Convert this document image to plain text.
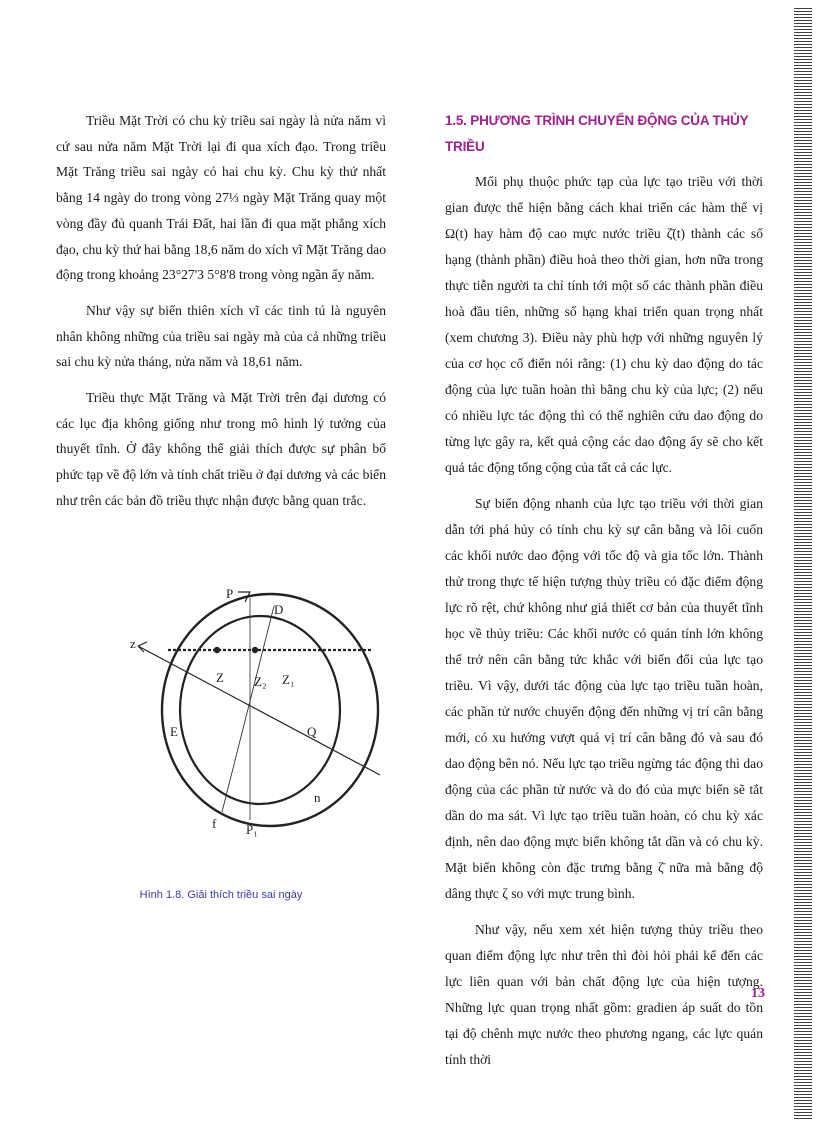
Triều Mặt Trời có chu kỳ triều sai ngày là nửa năm vì cứ sau nửa năm Mặt Trời lại đi qua xích đạo. Trong triều Mặt Trăng triều sai ngày có hai chu kỳ. Chu kỳ thứ nhất bằng 14 ngày do trong vòng 27⅓ ngày Mặt Trăng quay một vòng đầy đủ quanh Trái Đất, hai lần đi qua mặt phẳng xích đạo, chu kỳ thứ hai bằng 18,6 năm do xích vĩ Mặt Trăng dao động trong khoảng 23°27'3 5°8'8 trong vòng ngần ấy năm.

Như vậy sự biến thiên xích vĩ các tinh tú là nguyên nhân không những của triều sai ngày mà của cả những triều sai chu kỳ nửa tháng, nửa năm và 18,61 năm.

Triều thực Mặt Trăng và Mặt Trời trên đại dương có các lục địa không giống như trong mô hình lý tưởng của thuyết tĩnh. Ở đây không thể giải thích được sự phân bố phức tạp về độ lớn và tính chất triều ở đại dương và các biển như trên các bản đồ triều thực nhận được bằng quan trắc.

P
D
z
Z Z₂ Z₁
E	Q
n
f P₁
Hình 1.8. Giải thích triều sai ngày

1.5. PHƯƠNG TRÌNH CHUYỂN ĐỘNG CỦA THỦY TRIỀU

Mối phụ thuộc phức tạp của lực tạo triều với thời gian được thể hiện bằng cách khai triển các hàm thế vị Ω(t) hay hàm độ cao mực nước triều ζ̄(t) thành các số hạng (thành phần) điều hoà theo thời gian, hơn nữa trong thực tiễn người ta chỉ tính tới một số các thành phần điều hoà đầu tiên, những số hạng khai triển quan trọng nhất (xem chương 3). Điều này phù hợp với những nguyên lý của cơ học cổ điển nói rằng: (1) chu kỳ dao động do tác động của lực tuần hoàn thì bằng chu kỳ của lực; (2) nếu có nhiều lực tác động thì có thể nghiên cứu dao động do từng lực gây ra, kết quả cộng các dao động ấy sẽ cho kết quả tác động tổng cộng của tất cả các lực.

Sự biến động nhanh của lực tạo triều với thời gian dẫn tới phá hủy có tính chu kỳ sự cân bằng và lôi cuốn các khối nước dao động với tốc độ và gia tốc lớn. Thành thử trong thực tế hiện tượng thủy triều có đặc điểm động lực rõ rệt, chứ không như giả thiết cơ bản của thuyết tĩnh học về thủy triều: Các khối nước có quán tính lớn không thể trở nên cân bằng tức khắc với biến đổi của lực tạo triều. Vì vậy, dưới tác động của lực tạo triều tuần hoàn, các phần tử nước chuyển động đến những vị trí cân bằng mới, có xu hướng vượt quá vị trí cân bằng đó và sau đó dao động bên nó. Nếu lực tạo triều ngừng tác động thì dao động của các phần tử nước và do đó của mực biển sẽ tắt dần do ma sát. Vì lực tạo triều tuần hoàn, có chu kỳ xác định, nên dao động mực biển không tắt dần và có chu kỳ. Mặt biển không còn đặc trưng bằng ζ̄ nữa mà bằng độ dâng thực ζ so với mực trung bình.

Như vậy, nếu xem xét hiện tượng thủy triều theo quan điểm động lực như trên thì đòi hỏi phải kể đến các lực liên quan với bản chất động lực của hiện tượng. Những lực quan trọng nhất gồm: gradien áp suất do tồn tại độ chênh mực nước theo phương ngang, các lực quán tính thời

13
